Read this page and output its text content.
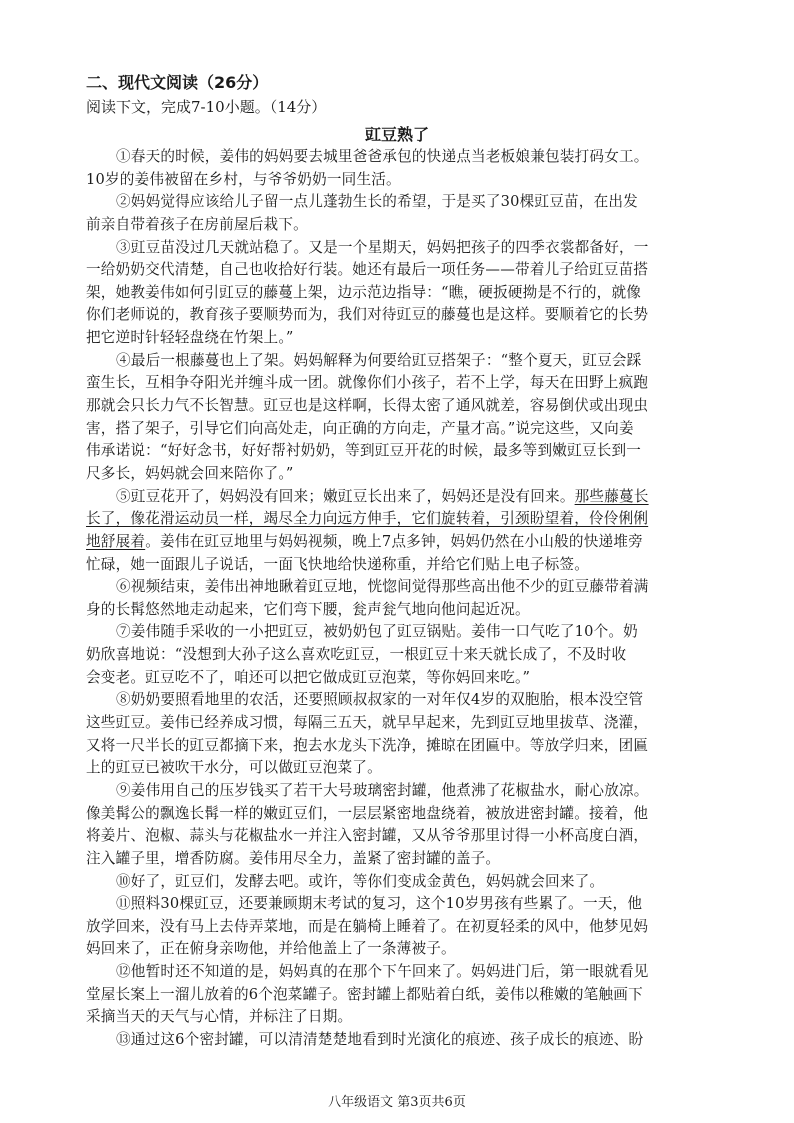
二、现代文阅读（26分）
阅读下文，完成7-10小题。（14分）
豇豆熟了
①春天的时候，姜伟的妈妈要去城里爸爸承包的快递点当老板娘兼包装打码女工。
10岁的姜伟被留在乡村，与爷爷奶奶一同生活。
②妈妈觉得应该给儿子留一点儿蓬勃生长的希望，于是买了30棵豇豆苗，在出发
前亲自带着孩子在房前屋后栽下。
③豇豆苗没过几天就站稳了。又是一个星期天，妈妈把孩子的四季衣裳都备好，一
一给奶奶交代清楚，自己也收拾好行装。她还有最后一项任务——带着儿子给豇豆苗搭
架，她教姜伟如何引豇豆的藤蔓上架，边示范边指导：“瞧，硬扳硬拗是不行的，就像
你们老师说的，教育孩子要顺势而为，我们对待豇豆的藤蔓也是这样。要顺着它的长势
把它逆时针轻轻盘绕在竹架上。”
④最后一根藤蔓也上了架。妈妈解释为何要给豇豆搭架子：“整个夏天，豇豆会踩
蛮生长，互相争夺阳光并缠斗成一团。就像你们小孩子，若不上学，每天在田野上疯跑
那就会只长力气不长智慧。豇豆也是这样啊，长得太密了通风就差，容易倒伏或出现虫
害，搭了架子，引导它们向高处走，向正确的方向走，产量才高。”说完这些，又向姜
伟承诺说：“好好念书，好好帮衬奶奶，等到豇豆开花的时候，最多等到嫩豇豆长到一
尺多长，妈妈就会回来陪你了。”
⑤豇豆花开了，妈妈没有回来；嫩豇豆长出来了，妈妈还是没有回来。那些藤蔓长
长了，像花滑运动员一样，竭尽全力向远方伸手，它们旋转着，引颈盼望着，伶伶俐俐
地舒展着。姜伟在豇豆地里与妈妈视频，晚上7点多钟，妈妈仍然在小山般的快递堆旁
忙碌，她一面跟儿子说话，一面飞快地给快递称重，并给它们贴上电子标签。
⑥视频结束，姜伟出神地瞅着豇豆地，恍惚间觉得那些高出他不少的豇豆藤带着满
身的长髯悠然地走动起来，它们弯下腰，瓮声瓮气地向他问起近况。
⑦姜伟随手采收的一小把豇豆，被奶奶包了豇豆锅贴。姜伟一口气吃了10个。奶
奶欣喜地说：“没想到大孙子这么喜欢吃豇豆，一根豇豆十来天就长成了，不及时收
会变老。豇豆吃不了，咱还可以把它做成豇豆泡菜，等你妈回来吃。”
⑧奶奶要照看地里的农活，还要照顾叔叔家的一对年仅4岁的双胞胎，根本没空管
这些豇豆。姜伟已经养成习惯，每隔三五天，就早早起来，先到豇豆地里拔草、浇灌，
又将一尺半长的豇豆都摘下来，抱去水龙头下洗净，摊晾在团匾中。等放学归来，团匾
上的豇豆已被吹干水分，可以做豇豆泡菜了。
⑨姜伟用自己的压岁钱买了若干大号玻璃密封罐，他煮沸了花椒盐水，耐心放凉。
像美髯公的飘逸长髯一样的嫩豇豆们，一层层紧密地盘绕着，被放进密封罐。接着，他
将姜片、泡椒、蒜头与花椒盐水一并注入密封罐，又从爷爷那里讨得一小杯高度白酒，
注入罐子里，增香防腐。姜伟用尽全力，盖紧了密封罐的盖子。
⑩好了，豇豆们，发酵去吧。或许，等你们变成金黄色，妈妈就会回来了。
⑪照料30棵豇豆，还要兼顾期末考试的复习，这个10岁男孩有些累了。一天，他
放学回来，没有马上去侍弄菜地，而是在躺椅上睡着了。在初夏轻柔的风中，他梦见妈
妈回来了，正在俯身亲吻他，并给他盖上了一条薄被子。
⑫他暂时还不知道的是，妈妈真的在那个下午回来了。妈妈进门后，第一眼就看见
堂屋长案上一溜儿放着的6个泡菜罐子。密封罐上都贴着白纸，姜伟以稚嫩的笔触画下
采摘当天的天气与心情，并标注了日期。
⑬通过这6个密封罐，可以清清楚楚地看到时光演化的痕迹、孩子成长的痕迹、盼
八年级语文 第3页共6页
